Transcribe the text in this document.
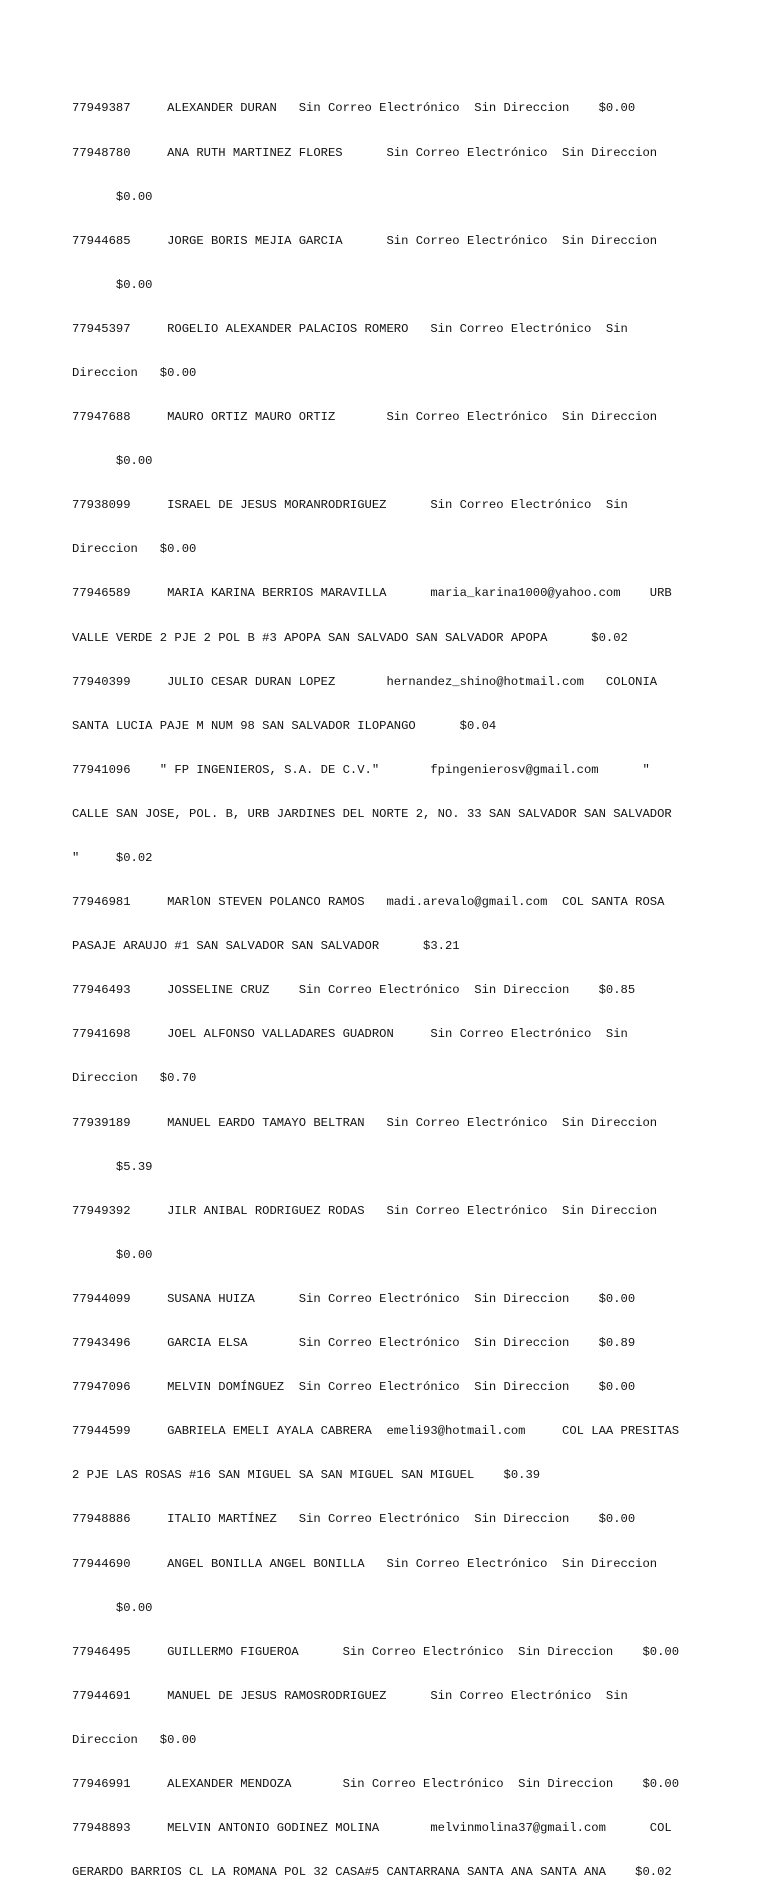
77949387     ALEXANDER DURAN   Sin Correo Electrónico  Sin Direccion    $0.00

77948780     ANA RUTH MARTINEZ FLORES      Sin Correo Electrónico  Sin Direccion

$0.00

77944685     JORGE BORIS MEJIA GARCIA      Sin Correo Electrónico  Sin Direccion

$0.00

77945397     ROGELIO ALEXANDER PALACIOS ROMERO   Sin Correo Electrónico  Sin

Direccion   $0.00

77947688     MAURO ORTIZ MAURO ORTIZ       Sin Correo Electrónico  Sin Direccion

$0.00

77938099     ISRAEL DE JESUS MORANRODRIGUEZ      Sin Correo Electrónico  Sin

Direccion   $0.00

77946589     MARIA KARINA BERRIOS MARAVILLA      maria_karina1000@yahoo.com    URB

VALLE VERDE 2 PJE 2 POL B #3 APOPA SAN SALVADO SAN SALVADOR APOPA      $0.02

77940399     JULIO CESAR DURAN LOPEZ       hernandez_shino@hotmail.com   COLONIA

SANTA LUCIA PAJE M NUM 98 SAN SALVADOR ILOPANGO      $0.04

77941096    " FP INGENIEROS, S.A. DE C.V."       fpingenierosv@gmail.com      "

CALLE SAN JOSE, POL. B, URB JARDINES DEL NORTE 2, NO. 33 SAN SALVADOR SAN SALVADOR

"     $0.02

77946981     MARlON STEVEN POLANCO RAMOS   madi.arevalo@gmail.com  COL SANTA ROSA

PASAJE ARAUJO #1 SAN SALVADOR SAN SALVADOR      $3.21

77946493     JOSSELINE CRUZ    Sin Correo Electrónico  Sin Direccion    $0.85

77941698     JOEL ALFONSO VALLADARES GUADRON     Sin Correo Electrónico  Sin

Direccion   $0.70

77939189     MANUEL EARDO TAMAYO BELTRAN   Sin Correo Electrónico  Sin Direccion

$5.39

77949392     JILR ANIBAL RODRIGUEZ RODAS   Sin Correo Electrónico  Sin Direccion

$0.00

77944099     SUSANA HUIZA      Sin Correo Electrónico  Sin Direccion    $0.00

77943496     GARCIA ELSA       Sin Correo Electrónico  Sin Direccion    $0.89

77947096     MELVIN DOMÍNGUEZ  Sin Correo Electrónico  Sin Direccion    $0.00

77944599     GABRIELA EMELI AYALA CABRERA  emeli93@hotmail.com     COL LAA PRESITAS

2 PJE LAS ROSAS #16 SAN MIGUEL SA SAN MIGUEL SAN MIGUEL    $0.39

77948886     ITALIO MARTÍNEZ   Sin Correo Electrónico  Sin Direccion    $0.00

77944690     ANGEL BONILLA ANGEL BONILLA   Sin Correo Electrónico  Sin Direccion

$0.00

77946495     GUILLERMO FIGUEROA      Sin Correo Electrónico  Sin Direccion    $0.00

77944691     MANUEL DE JESUS RAMOSRODRIGUEZ      Sin Correo Electrónico  Sin

Direccion   $0.00

77946991     ALEXANDER MENDOZA       Sin Correo Electrónico  Sin Direccion    $0.00

77948893     MELVIN ANTONIO GODINEZ MOLINA       melvinmolina37@gmail.com      COL

GERARDO BARRIOS CL LA ROMANA POL 32 CASA#5 CANTARRANA SANTA ANA SANTA ANA    $0.02
